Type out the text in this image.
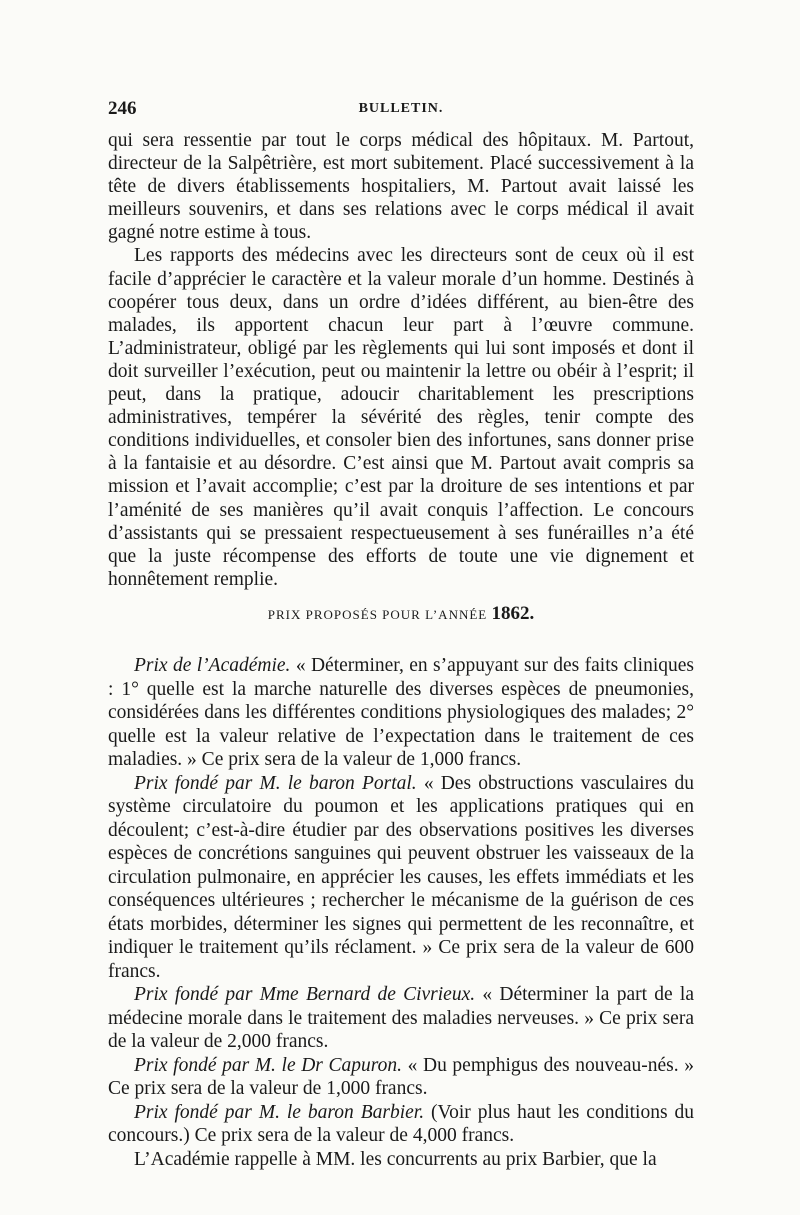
246	BULLETIN.

qui sera ressentie par tout le corps médical des hôpitaux. M. Partout, directeur de la Salpêtrière, est mort subitement. Placé successivement à la tête de divers établissements hospitaliers, M. Partout avait laissé les meilleurs souvenirs, et dans ses relations avec le corps médical il avait gagné notre estime à tous.

Les rapports des médecins avec les directeurs sont de ceux où il est facile d’apprécier le caractère et la valeur morale d’un homme. Destinés à coopérer tous deux, dans un ordre d’idées différent, au bien-être des malades, ils apportent chacun leur part à l’œuvre commune. L’administrateur, obligé par les règlements qui lui sont imposés et dont il doit surveiller l’exécution, peut ou maintenir la lettre ou obéir à l’esprit; il peut, dans la pratique, adoucir charitablement les prescriptions administratives, tempérer la sévérité des règles, tenir compte des conditions individuelles, et consoler bien des infortunes, sans donner prise à la fantaisie et au désordre. C’est ainsi que M. Partout avait compris sa mission et l’avait accomplie; c’est par la droiture de ses intentions et par l’aménité de ses manières qu’il avait conquis l’affection. Le concours d’assistants qui se pressaient respectueusement à ses funérailles n’a été que la juste récompense des efforts de toute une vie dignement et honnêtement remplie.

PRIX PROPOSÉS POUR L’ANNÉE 1862.

Prix de l’Académie. « Déterminer, en s’appuyant sur des faits cliniques : 1° quelle est la marche naturelle des diverses espèces de pneumonies, considérées dans les différentes conditions physiologiques des malades; 2° quelle est la valeur relative de l’expectation dans le traitement de ces maladies. » Ce prix sera de la valeur de 1,000 francs.

Prix fondé par M. le baron Portal. « Des obstructions vasculaires du système circulatoire du poumon et les applications pratiques qui en découlent; c’est-à-dire étudier par des observations positives les diverses espèces de concrétions sanguines qui peuvent obstruer les vaisseaux de la circulation pulmonaire, en apprécier les causes, les effets immédiats et les conséquences ultérieures ; rechercher le mécanisme de la guérison de ces états morbides, déterminer les signes qui permettent de les reconnaître, et indiquer le traitement qu’ils réclament. » Ce prix sera de la valeur de 600 francs.

Prix fondé par Mme Bernard de Civrieux. « Déterminer la part de la médecine morale dans le traitement des maladies nerveuses. » Ce prix sera de la valeur de 2,000 francs.

Prix fondé par M. le Dr Capuron. « Du pemphigus des nouveau-nés. » Ce prix sera de la valeur de 1,000 francs.

Prix fondé par M. le baron Barbier. (Voir plus haut les conditions du concours.) Ce prix sera de la valeur de 4,000 francs.

L’Académie rappelle à MM. les concurrents au prix Barbier, que la
